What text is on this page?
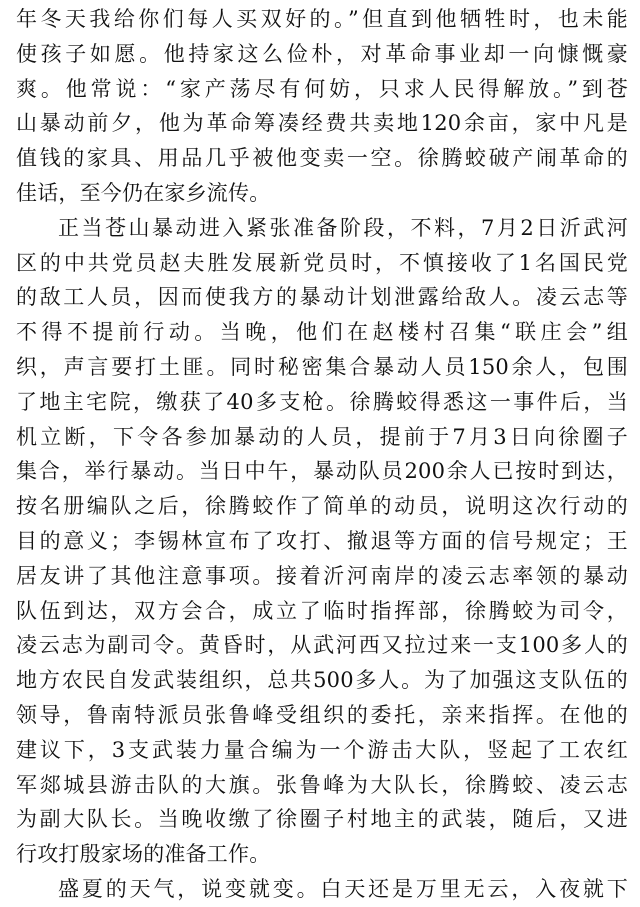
年冬天我给你们每人买双好的。”但直到他牺牲时，也未能
使孩子如愿。他持家这么俭朴，对革命事业却一向慷慨豪
爽。他常说：“家产荡尽有何妨，只求人民得解放。”到苍
山暴动前夕，他为革命筹凑经费共卖地120余亩，家中凡是
值钱的家具、用品几乎被他变卖一空。徐腾蛟破产闹革命的
佳话，至今仍在家乡流传。
正当苍山暴动进入紧张准备阶段，不料，7月2日沂武河
区的中共党员赵夫胜发展新党员时，不慎接收了1名国民党
的敌工人员，因而使我方的暴动计划泄露给敌人。凌云志等
不得不提前行动。当晚，他们在赵楼村召集“联庄会”组
织，声言要打土匪。同时秘密集合暴动人员150余人，包围
了地主宅院，缴获了40多支枪。徐腾蛟得悉这一事件后，当
机立断，下令各参加暴动的人员，提前于7月3日向徐圈子
集合，举行暴动。当日中午，暴动队员200余人已按时到达，
按名册编队之后，徐腾蛟作了简单的动员，说明这次行动的
目的意义；李锡林宣布了攻打、撤退等方面的信号规定；王
居友讲了其他注意事项。接着沂河南岸的凌云志率领的暴动
队伍到达，双方会合，成立了临时指挥部，徐腾蛟为司令，
凌云志为副司令。黄昏时，从武河西又拉过来一支100多人的
地方农民自发武装组织，总共500多人。为了加强这支队伍的
领导，鲁南特派员张鲁峰受组织的委托，亲来指挥。在他的
建议下，3支武装力量合编为一个游击大队，竖起了工农红
军郯城县游击队的大旗。张鲁峰为大队长，徐腾蛟、凌云志
为副大队长。当晚收缴了徐圈子村地主的武装，随后，又进
行攻打殷家场的准备工作。
盛夏的天气，说变就变。白天还是万里无云，入夜就下
